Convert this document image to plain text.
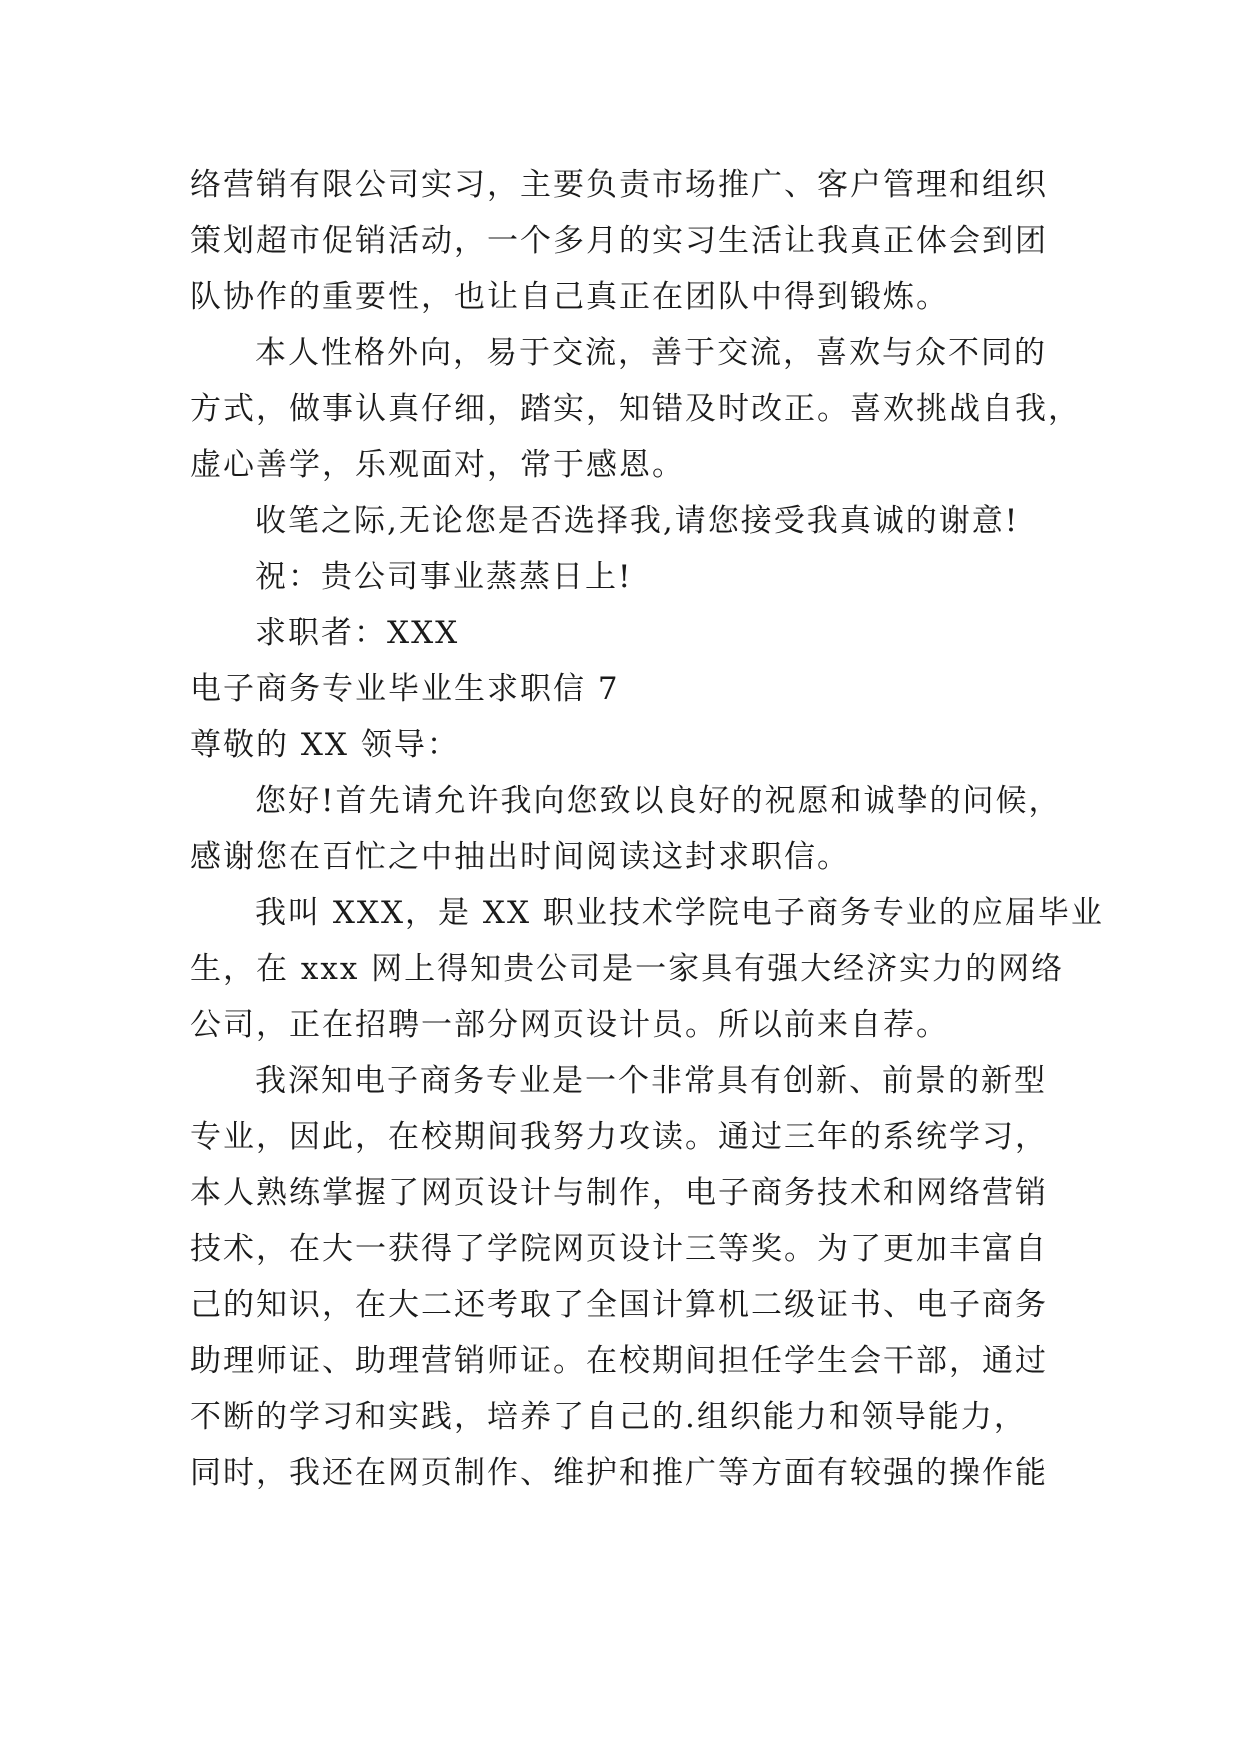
络营销有限公司实习，主要负责市场推广、客户管理和组织
策划超市促销活动，一个多月的实习生活让我真正体会到团
队协作的重要性，也让自己真正在团队中得到锻炼。
本人性格外向，易于交流，善于交流，喜欢与众不同的
方式，做事认真仔细，踏实，知错及时改正。喜欢挑战自我，
虚心善学，乐观面对，常于感恩。
收笔之际,无论您是否选择我,请您接受我真诚的谢意!
祝：贵公司事业蒸蒸日上!
求职者：XXX
电子商务专业毕业生求职信 7
尊敬的 XX 领导：
您好!首先请允许我向您致以良好的祝愿和诚挚的问候，
感谢您在百忙之中抽出时间阅读这封求职信。
我叫 XXX，是 XX 职业技术学院电子商务专业的应届毕业
生，在 xxx 网上得知贵公司是一家具有强大经济实力的网络
公司，正在招聘一部分网页设计员。所以前来自荐。
我深知电子商务专业是一个非常具有创新、前景的新型
专业，因此，在校期间我努力攻读。通过三年的系统学习，
本人熟练掌握了网页设计与制作，电子商务技术和网络营销
技术，在大一获得了学院网页设计三等奖。为了更加丰富自
己的知识，在大二还考取了全国计算机二级证书、电子商务
助理师证、助理营销师证。在校期间担任学生会干部，通过
不断的学习和实践，培养了自己的.组织能力和领导能力，
同时，我还在网页制作、维护和推广等方面有较强的操作能
